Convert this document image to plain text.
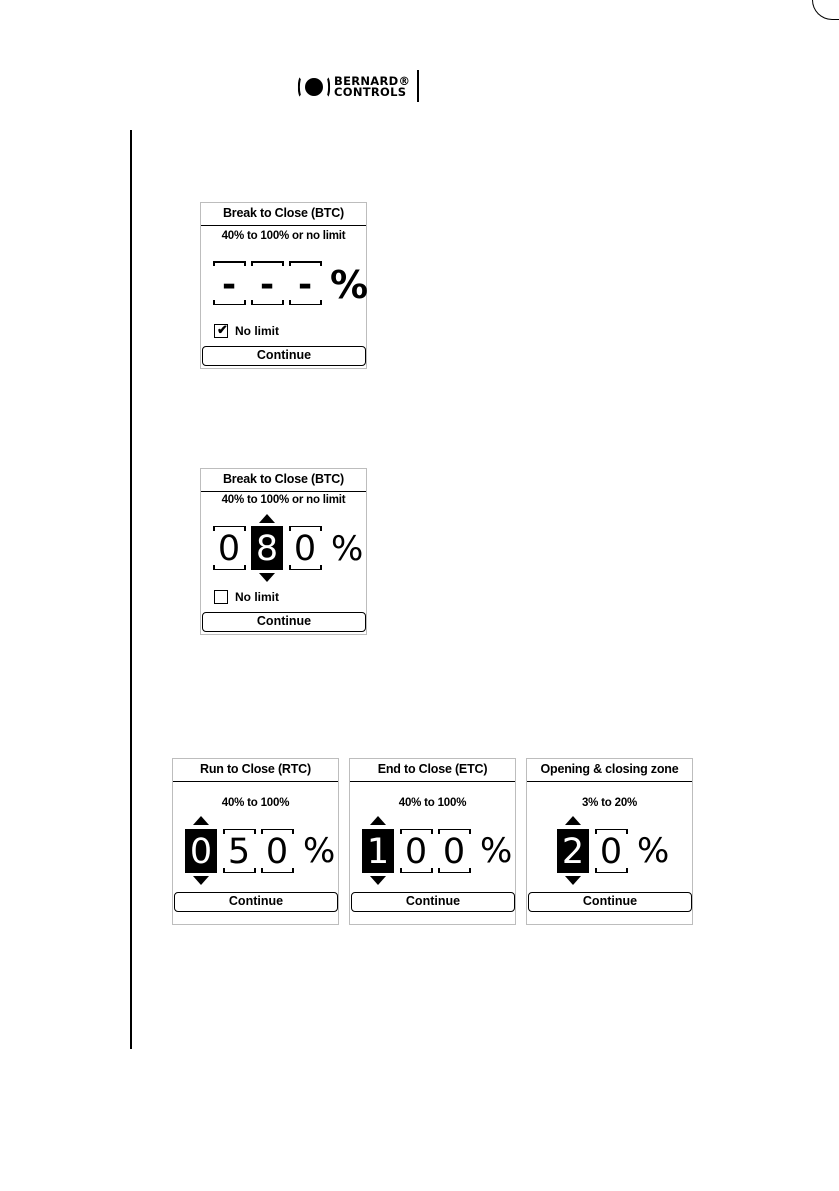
BERNARD®
CONTROLS
Break to Close (BTC)
40% to 100% or no limit
- - - %
✔ No limit
Continue
Break to Close (BTC)
40% to 100% or no limit
0 8 0 %
No limit
Continue
Run to Close (RTC)
40% to 100%
0 5 0 %
Continue
End to Close (ETC)
40% to 100%
1 0 0 %
Continue
Opening & closing zone
3% to 20%
2 0 %
Continue
